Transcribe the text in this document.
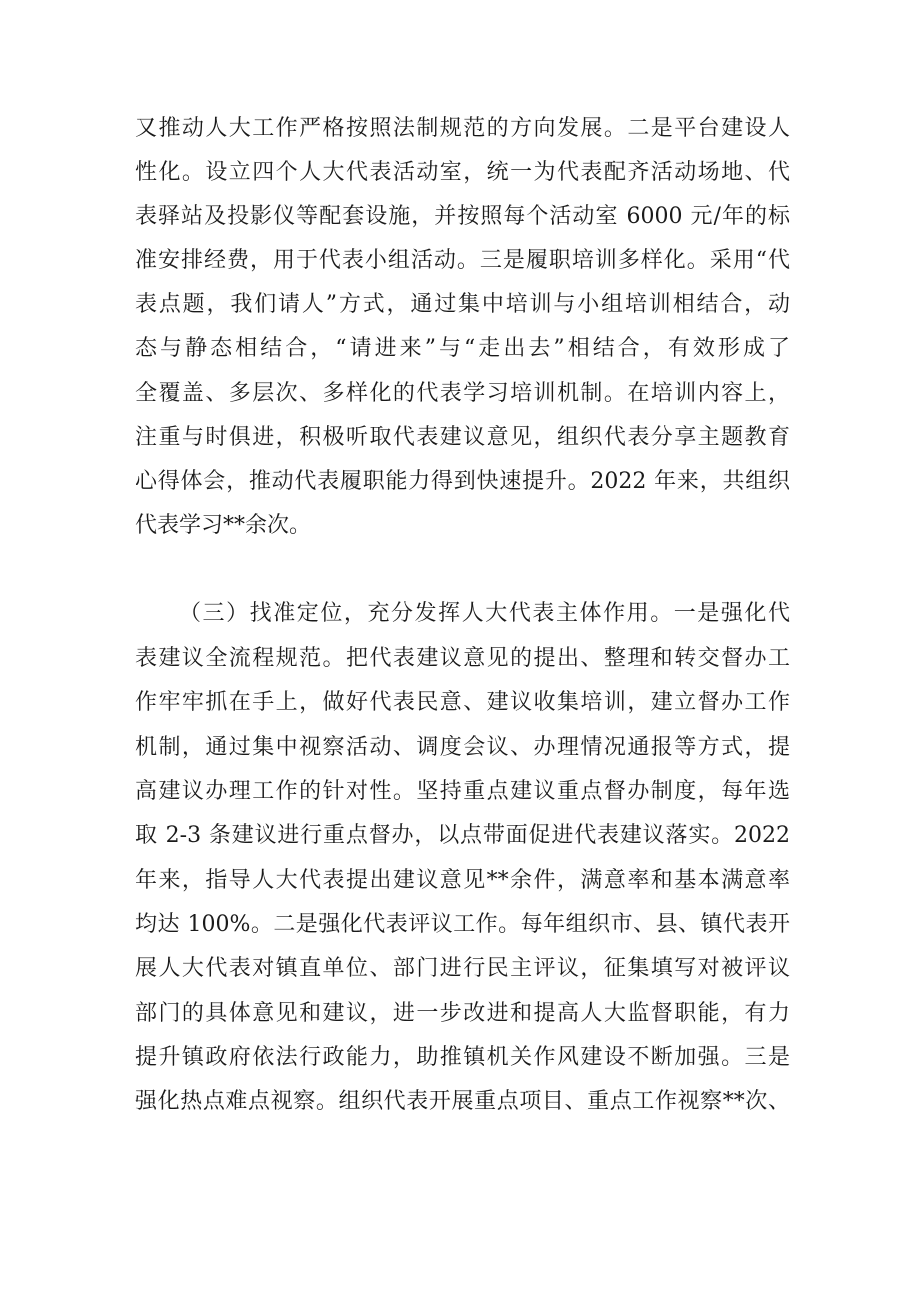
又推动人大工作严格按照法制规范的方向发展。二是平台建设人

性化。设立四个人大代表活动室，统一为代表配齐活动场地、代

表驿站及投影仪等配套设施，并按照每个活动室 6000 元/年的标

准安排经费，用于代表小组活动。三是履职培训多样化。采用“代

表点题，我们请人”方式，通过集中培训与小组培训相结合，动

态与静态相结合，“请进来”与“走出去”相结合，有效形成了

全覆盖、多层次、多样化的代表学习培训机制。在培训内容上，

注重与时俱进，积极听取代表建议意见，组织代表分享主题教育

心得体会，推动代表履职能力得到快速提升。2022 年来，共组织

代表学习**余次。

（三）找准定位，充分发挥人大代表主体作用。一是强化代

表建议全流程规范。把代表建议意见的提出、整理和转交督办工

作牢牢抓在手上，做好代表民意、建议收集培训，建立督办工作

机制，通过集中视察活动、调度会议、办理情况通报等方式，提

高建议办理工作的针对性。坚持重点建议重点督办制度，每年选

取 2-3 条建议进行重点督办，以点带面促进代表建议落实。2022

年来，指导人大代表提出建议意见**余件，满意率和基本满意率

均达 100%。二是强化代表评议工作。每年组织市、县、镇代表开

展人大代表对镇直单位、部门进行民主评议，征集填写对被评议

部门的具体意见和建议，进一步改进和提高人大监督职能，有力

提升镇政府依法行政能力，助推镇机关作风建设不断加强。三是

强化热点难点视察。组织代表开展重点项目、重点工作视察**次、
